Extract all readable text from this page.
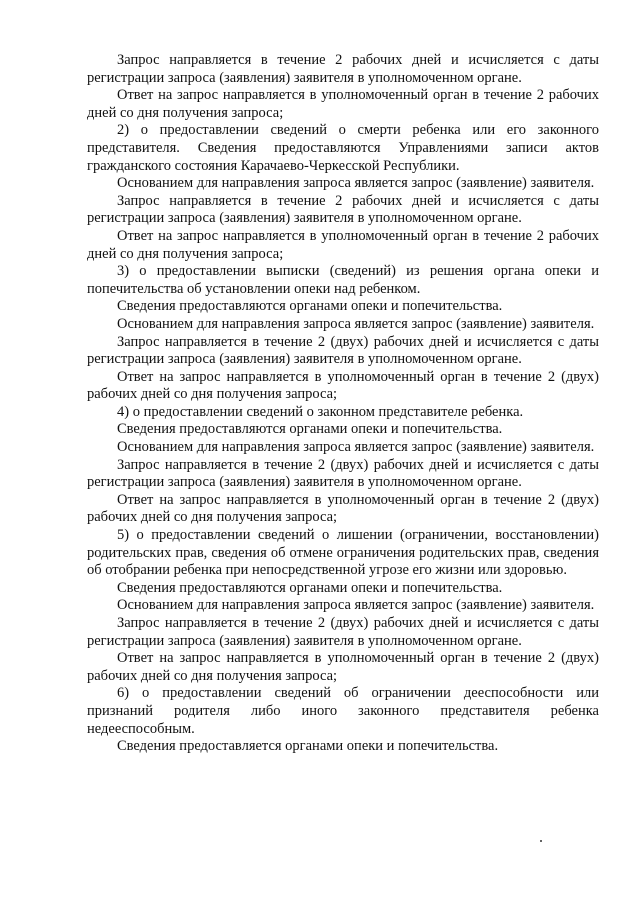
Запрос направляется в течение 2 рабочих дней и исчисляется с даты регистрации запроса (заявления) заявителя в уполномоченном органе.

Ответ на запрос направляется в уполномоченный орган в течение 2 рабочих дней со дня получения запроса;

2) о предоставлении сведений о смерти ребенка или его законного представителя. Сведения предоставляются Управлениями записи актов гражданского состояния Карачаево-Черкесской Республики.

Основанием для направления запроса является запрос (заявление) заявителя.

Запрос направляется в течение 2 рабочих дней и исчисляется с даты регистрации запроса (заявления) заявителя в уполномоченном органе.

Ответ на запрос направляется в уполномоченный орган в течение 2 рабочих дней со дня получения запроса;

3) о предоставлении выписки (сведений) из решения органа опеки и попечительства об установлении опеки над ребенком.

Сведения предоставляются органами опеки и попечительства.

Основанием для направления запроса является запрос (заявление) заявителя.

Запрос направляется в течение 2 (двух) рабочих дней и исчисляется с даты регистрации запроса (заявления) заявителя в уполномоченном органе.

Ответ на запрос направляется в уполномоченный орган в течение 2 (двух) рабочих дней со дня получения запроса;

4) о предоставлении сведений о законном представителе ребенка.

Сведения предоставляются органами опеки и попечительства.

Основанием для направления запроса является запрос (заявление) заявителя.

Запрос направляется в течение 2 (двух) рабочих дней и исчисляется с даты регистрации запроса (заявления) заявителя в уполномоченном органе.

Ответ на запрос направляется в уполномоченный орган в течение 2 (двух) рабочих дней со дня получения запроса;

5) о предоставлении сведений о лишении (ограничении, восстановлении) родительских прав, сведения об отмене ограничения родительских прав, сведения об отобрании ребенка при непосредственной угрозе его жизни или здоровью.

Сведения предоставляются органами опеки и попечительства.

Основанием для направления запроса является запрос (заявление) заявителя.

Запрос направляется в течение 2 (двух) рабочих дней и исчисляется с даты регистрации запроса (заявления) заявителя в уполномоченном органе.

Ответ на запрос направляется в уполномоченный орган в течение 2 (двух) рабочих дней со дня получения запроса;

6) о предоставлении сведений об ограничении дееспособности или признаний родителя либо иного законного представителя ребенка недееспособным.

Сведения предоставляется органами опеки и попечительства.
